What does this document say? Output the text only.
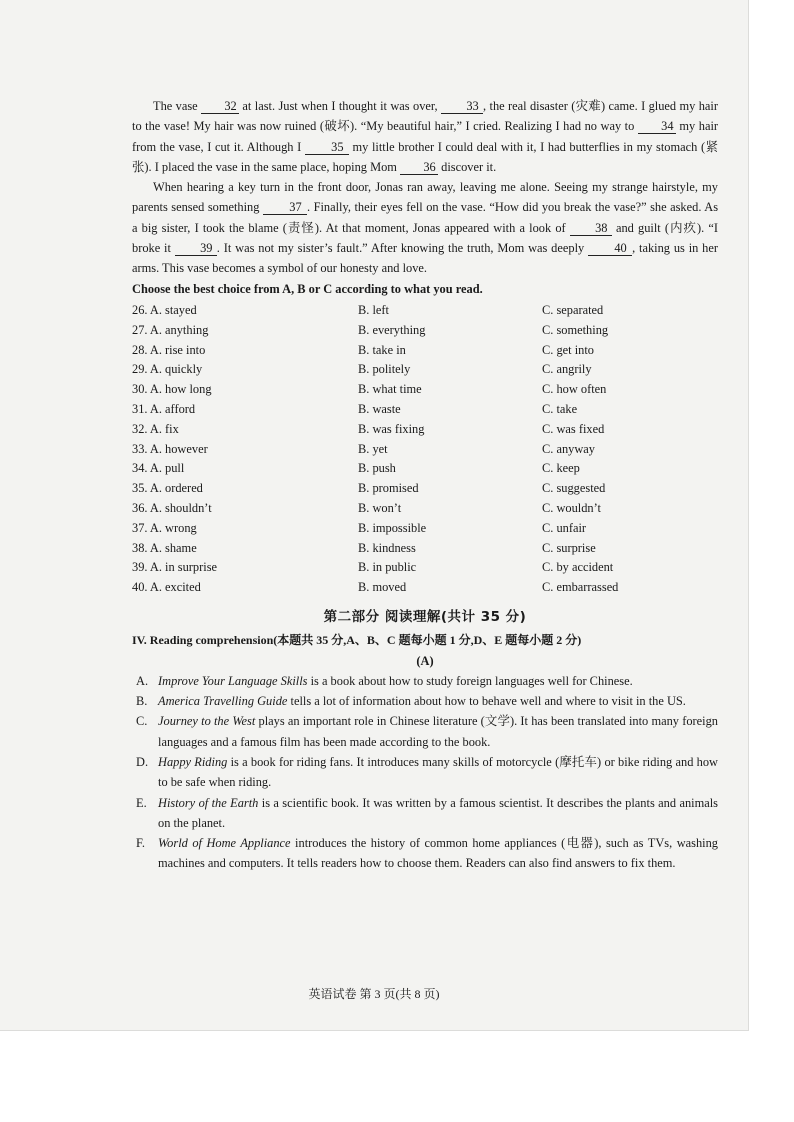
The vase 32 at last. Just when I thought it was over, 33 , the real disaster (灾难) came. I glued my hair to the vase! My hair was now ruined (破坏). “My beautiful hair,” I cried. Realizing I had no way to 34 my hair from the vase, I cut it. Although I 35 my little brother I could deal with it, I had butterflies in my stomach (紧张). I placed the vase in the same place, hoping Mom 36 discover it.

When hearing a key turn in the front door, Jonas ran away, leaving me alone. Seeing my strange hairstyle, my parents sensed something 37 . Finally, their eyes fell on the vase. “How did you break the vase?” she asked. As a big sister, I took the blame (责怪). At that moment, Jonas appeared with a look of 38 and guilt (内疚). “I broke it 39 . It was not my sister’s fault.” After knowing the truth, Mom was deeply 40 , taking us in her arms. This vase becomes a symbol of our honesty and love.

Choose the best choice from A, B or C according to what you read.
26. A. stayed	B. left	C. separated
27. A. anything	B. everything	C. something
28. A. rise into	B. take in	C. get into
29. A. quickly	B. politely	C. angrily
30. A. how long	B. what time	C. how often
31. A. afford	B. waste	C. take
32. A. fix	B. was fixing	C. was fixed
33. A. however	B. yet	C. anyway
34. A. pull	B. push	C. keep
35. A. ordered	B. promised	C. suggested
36. A. shouldn’t	B. won’t	C. wouldn’t
37. A. wrong	B. impossible	C. unfair
38. A. shame	B. kindness	C. surprise
39. A. in surprise	B. in public	C. by accident
40. A. excited	B. moved	C. embarrassed
第二部分 阅读理解(共计 35 分)
IV. Reading comprehension(本题共 35 分,A、B、C 题每小题 1 分,D、E 题每小题 2 分)
(A)
A. Improve Your Language Skills is a book about how to study foreign languages well for Chinese.
B. America Travelling Guide tells a lot of information about how to behave well and where to visit in the US.
C. Journey to the West plays an important role in Chinese literature (文学). It has been translated into many foreign languages and a famous film has been made according to the book.
D. Happy Riding is a book for riding fans. It introduces many skills of motorcycle (摩托车) or bike riding and how to be safe when riding.
E. History of the Earth is a scientific book. It was written by a famous scientist. It describes the plants and animals on the planet.
F. World of Home Appliance introduces the history of common home appliances (电器), such as TVs, washing machines and computers. It tells readers how to choose them. Readers can also find answers to fix them.
英语试卷 第 3 页(共 8 页)
